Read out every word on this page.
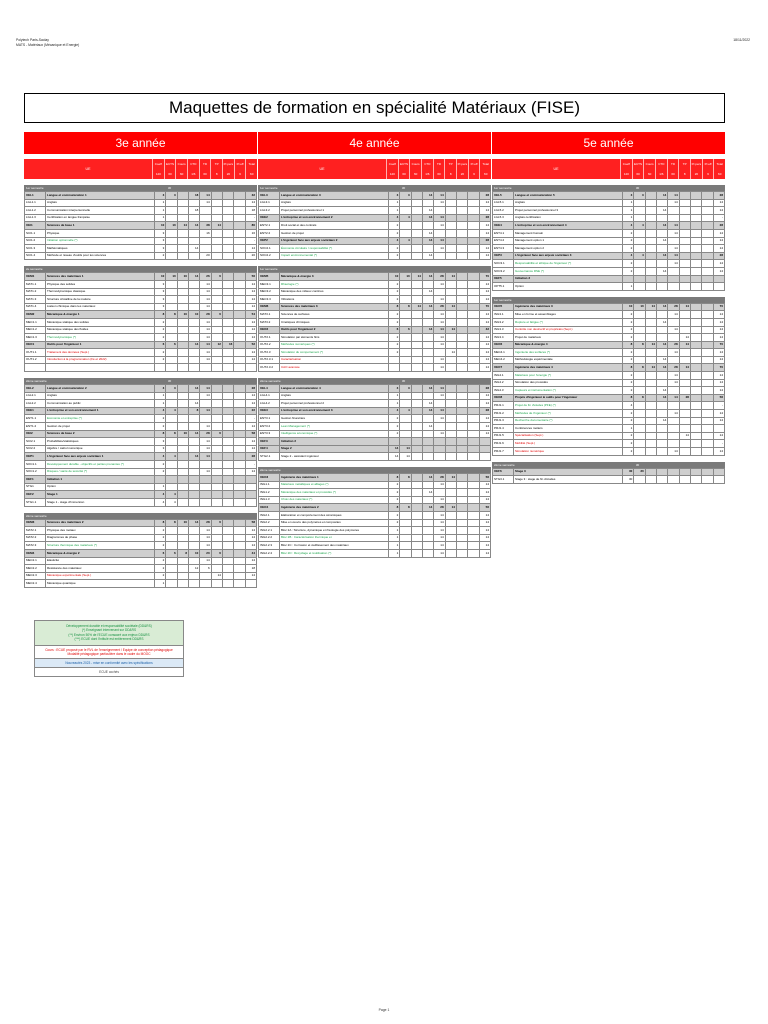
Polytech Paris-Saclay
MATS - Matériaux (Mécanique et Energie)
18/11/2022
Maquettes de formation en spécialité Matériaux (FISE)
3e année
UE
Coeff	ECTS	Cours	CTD	TD	TP	Pr.pers	Pr.eff	Total
120	60	60	1/6	60	8	20	6	60
1er semestre	30
UEL1	Langue et communication 1	3	3		18	14				32
LGL1.1	Anglais	1				14				14
LGL1.2	Communication interpersonnelle	1			18					18
LGL1.3	Certification en langue française	1								-
UEI1	Sciences de base 1	10	10	14	14	38	14			80
SCI1.1	Physique	3				16				16
SCI1.2	Initiation optionnelle (*)	3								-
SCI1.3	Mathématiques	3			14					14
SCI1.4	Méthode et réseau d'outils pour les sciences	2				20				20
2e semestre
UEM1	Sciences des matériaux 1	10	10	10	14	26	6			56
MAT1.1	Physique des solides	3				14				14
MAT1.2	Thermodynamique classique	3				14				14
MAT1.3	Structure cristalline de la matière	3				14				14
MAT1.4	Liaison chimique dans les matériaux	3				14				14
UEM2	Mécanique & énergie 1	8	8	10	10	28	6			54
MEC1.1	Mécanique statique des solides	2				14				14
MEC1.2	Mécanique statique des fluides	2				14				14
MEC1.3	Thermodynamique (*)	2				14				14
UEO1	Outils pour l'ingénieur 1	6	6		14	14	12	16		52
OUT1.1	Traitement des données (Sept.)	2				14				14
OUT1.2	Introduction à la programmation (Fé et 2022)	2				14				14

2ème semestre	30
UEL2	Langue et communication 2	3	3		14	14				28
LGL2.1	Anglais	1				14				14
LGL2.2	Communication au public	1			14					14
UEE1	L'entreprise et son environnement 1	4	4		8	14				22
ENT1.1	Economie et entreprise (*)	2								-
ENT1.2	Gestion de projet	2				14				14
UEI2	Sciences de base 2	8	8	10	14	28	6			58
SCI2.1	Probabilités/statistiques	3				14				14
SCI2.2	Algèbre / calcul numérique	3				14				14
UEP1	L'ingénieur face aux enjeux sociétaux 1	4	4		14	14				28
SOC1.1	Développement durable - objectifs et parties prenantes (*)	2								-
SOC1.2	Risques / santé de sécurité (*)	2				14				14
UEF1	Initiation 1									
STG1	Option	1								
UEF2	Stage 1	4	4							
STG1.1	Stage 1 - stage d'immersion	4	4							
2ème semestre
UEM3	Sciences des matériaux 2	8	8	10	14	28	6			58
MAT2.1	Physique des métaux	2				14				14
MAT2.2	Diagrammes de phase	2				14				14
MAT2.3	Structure thermique des matériaux (*)	2				14				14
UEM4	Mécanique & énergie 2	6	6	8	10	20	6			44
MEC2.1	Elasticité	2				14				14
MEC2.2	Résistance des matériaux	2			12	6				18
MEC2.3	Mécanique expérimentale (Sept.)	2					14			14
MEC2.4	Mécanique quantique	1								
4e année
UE
Coeff	ECTS	Cours	CTD	TD	TP	Pr.pers	Pr.eff	Total
120	60	60	1/6	60	8	20	6	60
1er semestre	30
UEL3	Langue et communication 3	3	3		14	14				28
LGL3.1	Anglais	1				14				14
LGL3.2	Projet personnel professionnel 1	1			14					14
UEE2	L'entreprise et son environnement 2	4	4		14	14				28
ENT2.1	Droit social et des contrats	2				14				14
ENT2.2	Gestion de projet	2			14					14
UEP2	L'ingénieur face aux enjeux sociétaux 2	4	4		14	14				28
SOC2.1	Économie circulaire / responsabilité (*)	2				14				14
SOC2.2	Impact environnemental (*)	2			14					14
1er semestre
UEM5	Mécanique & énergie 3	10	10	14	14	28	14			70
MEC3.1	Rhéologie (*)	2				14				14
MEC3.2	Mécanique des milieux continus	2			14					14
MEC3.3	Vibrations	2				14				14
UEM6	Sciences des matériaux 3	8	8	14	14	28	14			70
MAT3.1	Sciences de surfaces	2				14				14
MAT3.2	Cinétiques chimiques	2				14				14
UEO2	Outils pour l'ingénieur 2	6	6		14	14	14			42
OUT2.1	Simulation par éléments finis	2				14				14
OUT2.2	Méthodes numériques (*)	2				14				14
OUT2.3	Simulation du comportement (*)	2					14			14
OUT2.3.1	Caractérisation					14				14
OUT2.3.2	CAO avancée					14				14
2ème semestre	30
UEL4	Langue et communication 4	3	3		14	14				28
LGL4.1	Anglais	1				14				14
LGL4.2	Projet personnel professionnel 2	1			14					14
UEE3	L'entreprise et son environnement 3	4	4		14	14				28
ENT3.1	Gestion financière	2				14				14
ENT3.2	Lean Management (*)	2			14					14
ENT3.3	Intelligence économique (*)	2				14				14
UEF3	Initiation 2									
UEF4	Stage 2	14	14							
STG2.1	Stage 2 - assistant ingénieur	14	14							
2ème semestre
UEO3	Ingénierie des matériaux 1	8	8		14	28	14			56
ING1.1	Matériaux métalliques et alliages (*)	2				14				14
ING1.2	Mécanique des matériaux et procédés (*)	2			14					14
ING1.3	Choix des matériaux (*)	2				14				14
UEO4	Ingénierie des matériaux 2	8	8		14	28	14			56
ING2.1	Elaboration et comportement des céramiques	2				14				14
ING2.2	Mise en œuvre des polymères et composites	2				14				14
ING2.2.1	Bloc 2A : Structure, dynamique et rhéologie des polymères	1				14				14
ING2.2.2	Bloc 2B : Caractérisation thermique et	1				14				14
ING2.2.3	Bloc 2C : Corrosion et vieillissement des matériaux	1				14				14
ING2.2.4	Bloc 2D : Récyclage et réutilisation (*)	1				14				14
5e année
UE
Coeff	ECTS	Cours	CTD	TD	TP	Pr.pers	Pr.eff	Total
120	60	60	1/6	60	8	20	6	60
1er semestre	30
UEL5	Langue et communication 5	3	3		14	14				28
LGL5.1	Anglais	1				14				14
LGL5.2	Projet personnel professionnel 3	1			14					14
LGL5.3	Anglais certification	1								-
UEE4	L'entreprise et son environnement 4	4	4		14	14				28
ENT4.1	Management humain	2				14				14
ENT4.2	Management option 1	2			14					14
ENT4.3	Management option 2	2				14				14
UEP3	L'ingénieur face aux enjeux sociétaux 3	4	4		14	14				28
SOC3.1	Responsabilité et éthique de l'ingénieur (*)	2				14				14
SOC3.2	Gouvernance RSE (*)	2			14					14
UEF5	Initiation 3									
OPT5.1	Option	1								
1er semestre
UEO5	Ingénierie des matériaux 3	10	10	14	14	28	14			70
ING3.1	Mise en forme et assemblages	2				14				14
ING3.2	Rupture et fatigue (*)	2			14					14
ING3.3	Contrôle non destructif et propriétés (Sept.)	2				14				14
ING3.4	Projet de matériaux	2					14			14
UEO6	Mécanique & énergie 4	8	8	14	14	28	14			70
MEC4.1	Ingénierie des surfaces (*)	2				14				14
MEC4.2	Méthodologie expérimentale	2			14					14
UEO7	Ingénierie des matériaux 4	8	8	14	14	28	14			70
ING4.1	Matériaux pour l'énergie (*)	2				14				14
ING4.2	Simulation des procédés	2				14				14
ING4.3	Capteurs et instrumentation (*)	2			14					14
UEO8	Projets d'ingénieur & outils pour l'ingénieur	8	8		14	14	28			56
PRJ1.1	Projet de fin d'études (PFE) (*)	4								-
PRJ1.2	Méthodes de l'ingénieur (*)	2				14				14
PRJ1.3	Recherche documentaire (*)	2			14					14
PRJ1.4	Conférences métiers	1								
PRJ1.5	Spécialisation (Sept.)	2					14			14
PRJ1.6	Mobilité (Sept.)	2								-
PRJ1.7	Simulation numérique	2				14				14
2ème semestre	30
UEF6	Stage 3	30	30							
STG3.1	Stage 3 : stage de fin d'études	30								
Développement durable et responsabilité sociétale (DD&RS)
(*) Enseignant intervenant sur DD&RS
(**) Environ 50% de l'ECUE consacré aux enjeux DD&RS
(***) ECUE dont l'intitulé est entièrement DD&RS
Cours : ECUE proposé par le RVL de l'enseignement / Equipe de conception pédagogique
Modalité pédagogique particulière dans le cadre du MOOC
Nouveautés 2023 - mise en conformité avec les spécifications
ECUE cochés
Page 1
